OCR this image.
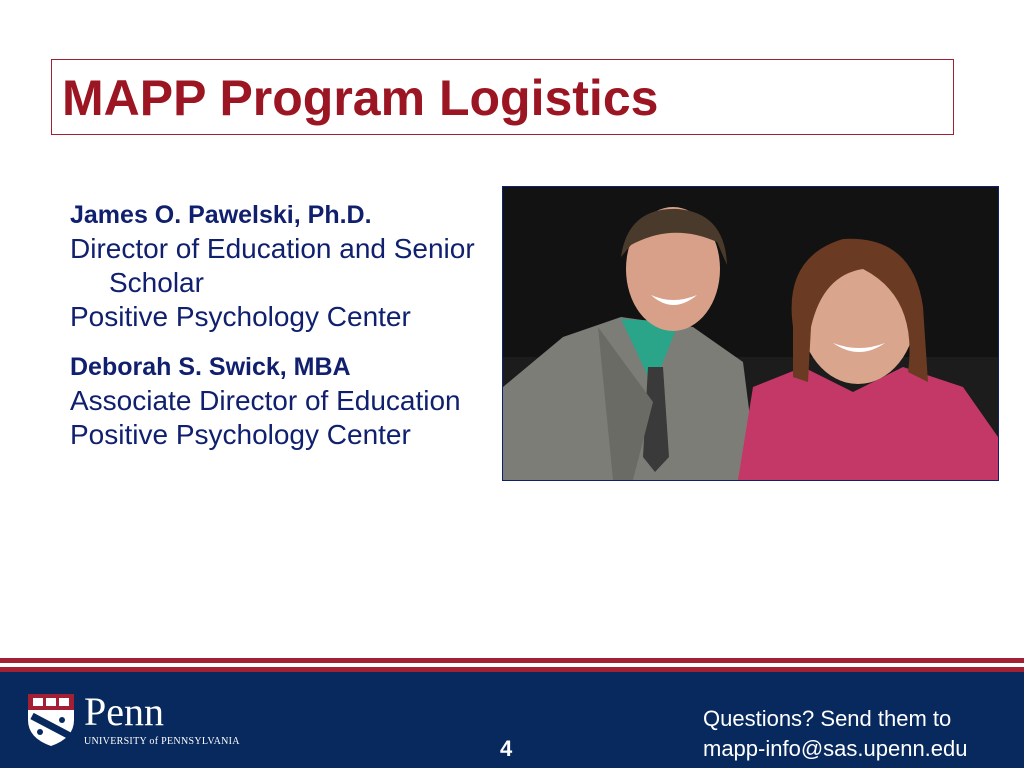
MAPP Program Logistics
James O. Pawelski, Ph.D.
Director of Education and Senior Scholar
Positive Psychology Center
Deborah S. Swick, MBA
Associate Director of Education
Positive Psychology Center
Penn
UNIVERSITY of PENNSYLVANIA	4
Questions? Send them to
mapp-info@sas.upenn.edu
